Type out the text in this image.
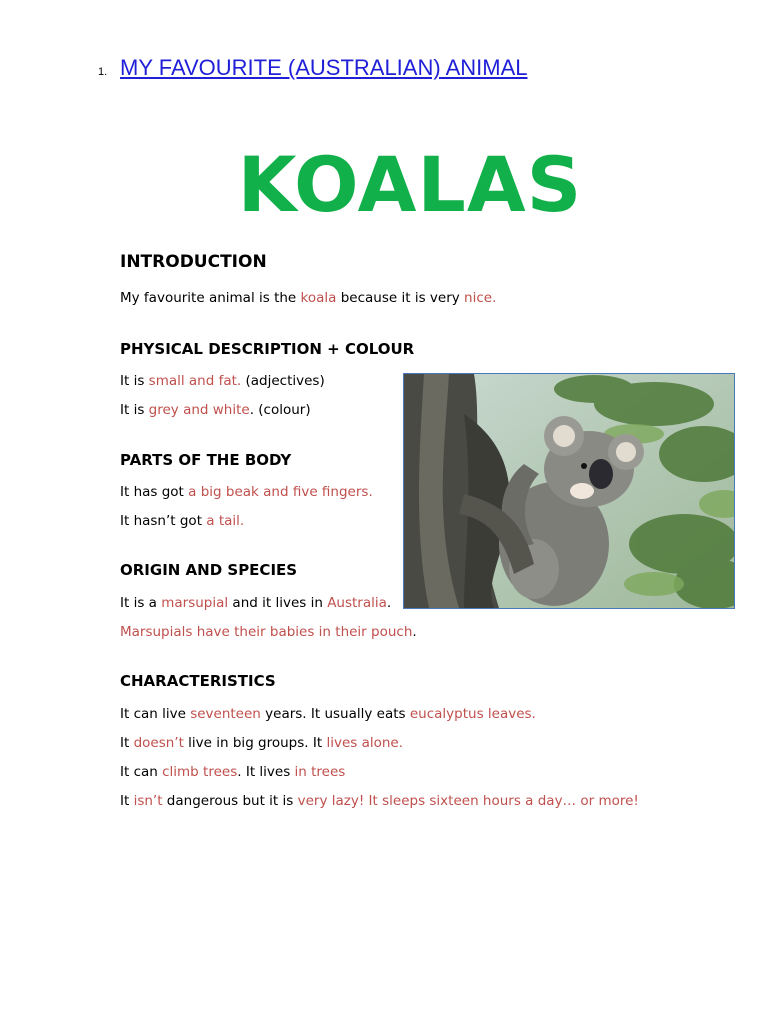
1. MY FAVOURITE (AUSTRALIAN) ANIMAL
KOALAS
INTRODUCTION
My favourite animal is the koala because it is very nice.
PHYSICAL DESCRIPTION + COLOUR
It is small and fat. (adjectives)
It is grey and white. (colour)
PARTS OF THE BODY
It has got a big beak and five fingers.
It hasn’t got a tail.
ORIGIN AND SPECIES
It is a marsupial and it lives in Australia.
Marsupials have their babies in their pouch.
CHARACTERISTICS
It can live seventeen years. It usually eats eucalyptus leaves.
It doesn’t live in big groups. It lives alone.
It can climb trees. It lives in trees
It isn’t dangerous but it is very lazy! It sleeps sixteen hours a day… or more!
